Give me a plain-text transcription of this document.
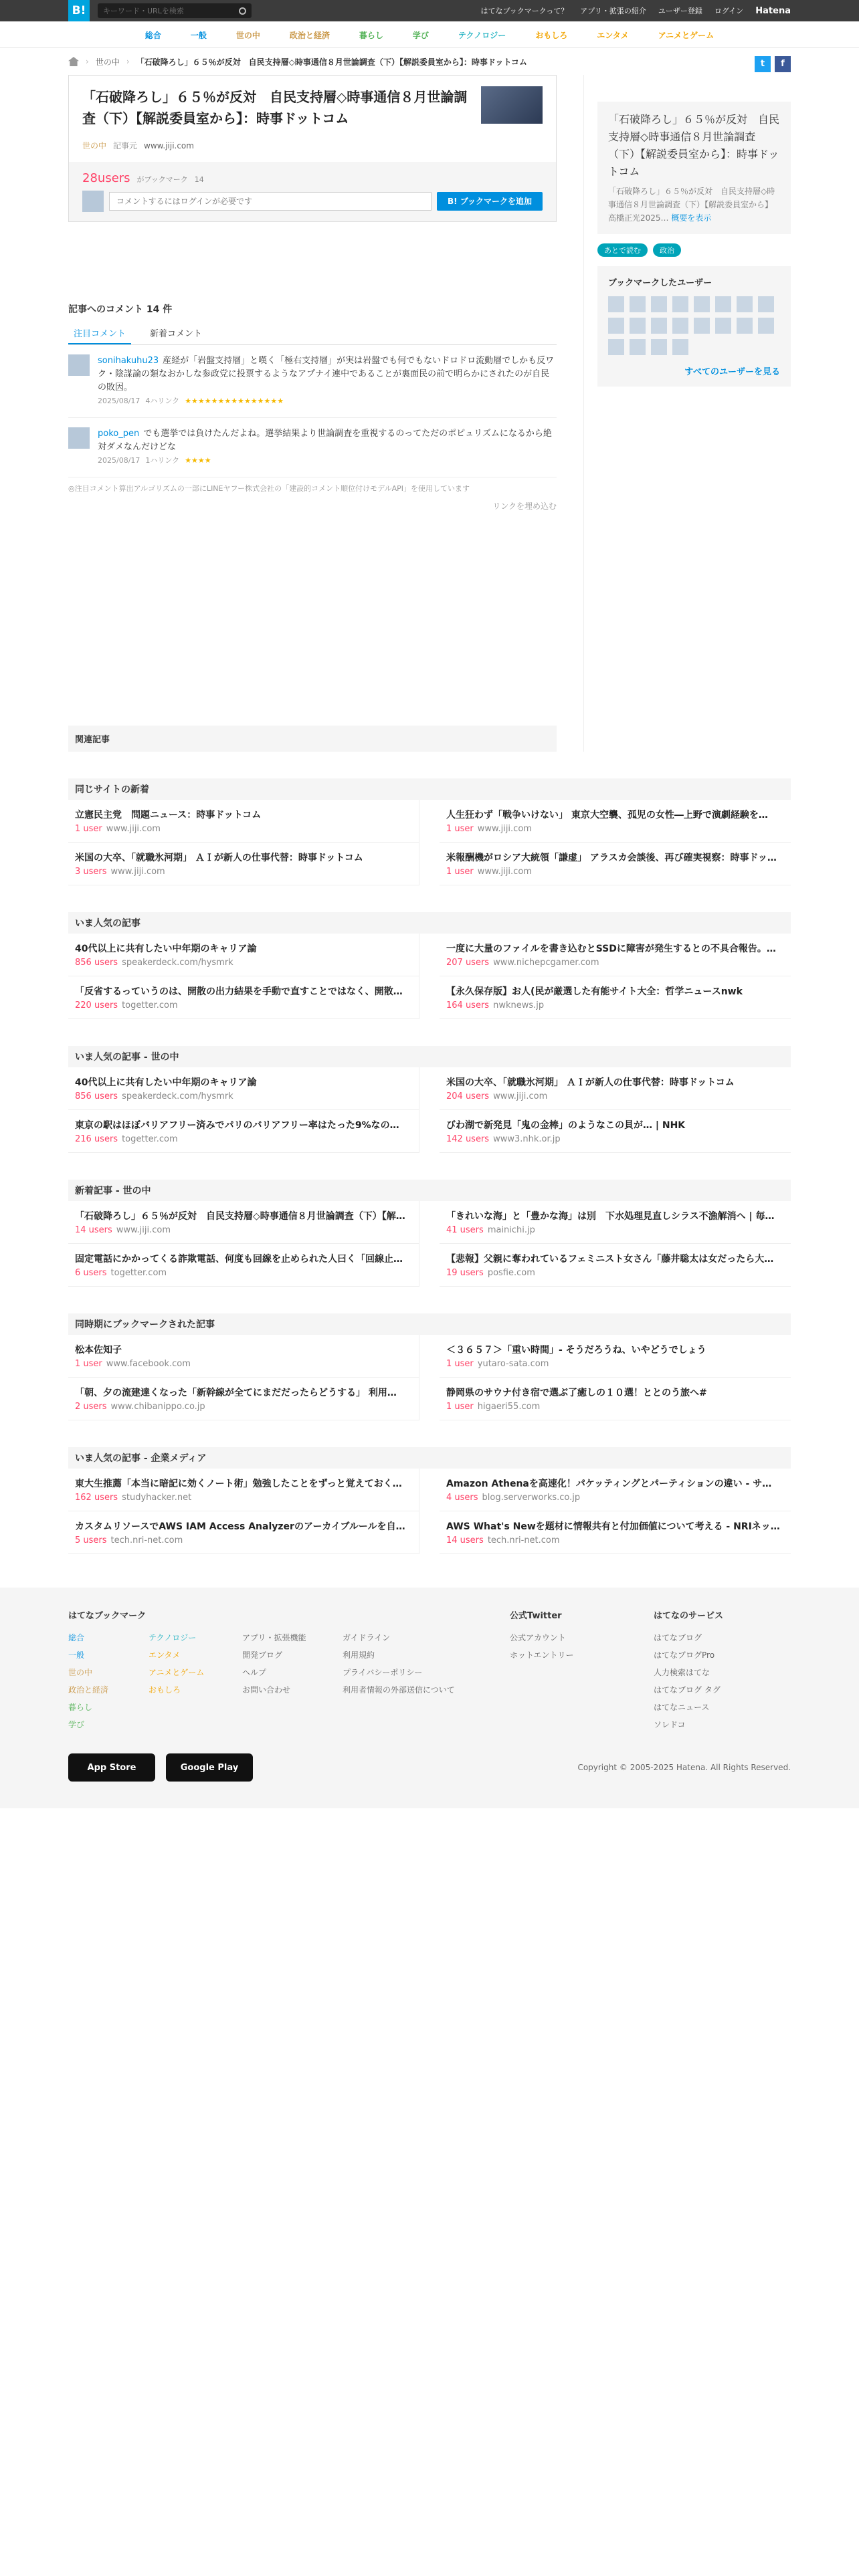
B!
キーワード・URLを検索	はてなブックマークって？ アプリ・拡張の紹介 ユーザー登録 ログイン Hatena
総合	一般	世の中	政治と経済	暮らし	学び	テクノロジー	おもしろ	エンタメ	アニメとゲーム
› 世の中 › 「石破降ろし」６５％が反対　自民支持層◇時事通信８月世論調査（下）【解説委員室から】：時事ドットコム	t	f
「石破降ろし」６５％が反対　自民支持層◇時事通信８月世論調査（下）【解説委員室から】：時事ドットコム
世の中 記事元 www.jiji.com
28users がブックマーク 14
コメントするにはログインが必要です
B! ブックマークを追加
記事へのコメント 14 件
注目コメント	新着コメント
sonihakuhu23 産経が「岩盤支持層」と嘆く「極右支持層」が実は岩盤でも何でもないドロドロ流動層でしかも反ワク・陰謀論の類なおかしな参政党に投票するようなアプナイ連中であることが裏面民の前で明らかにされたのが自民の敗因。
2025/08/17 4ハリンク ★★★★★★★★★★★★★★★
poko_pen でも選挙では負けたんだよね。選挙結果より世論調査を重視するのってただのポピュリズムになるから絶対ダメなんだけどな
2025/08/17 1ハリンク ★★★★
◎注目コメント算出アルゴリズムの一部にLINEヤフー株式会社の「建設的コメント順位付けモデルAPI」を使用しています
リンクを埋め込む
関連記事
「石破降ろし」６５％が反対　自民支持層◇時事通信８月世論調査（下）【解説委員室から】：時事ドットコム
「石破降ろし」６５％が反対　自民支持層◇時事通信８月世論調査（下）【解説委員室から】 高橋正光2025… 概要を表示
あとで読む	政治
ブックマークしたユーザー
すべてのユーザーを見る
同じサイトの新着
立憲民主党　問題ニュース：時事ドットコム
1 user www.jiji.com
人生狂わず「戦争いけない」 東京大空襲、孤児の女性―上野で演劇経験を…
1 user www.jiji.com
米国の大卒、「就職氷河期」 ＡＩが新人の仕事代替：時事ドットコム
3 users www.jiji.com
米報酬機がロシア大統領「謙虚」 アラスカ会談後、再び確実視察：時事ドッ…
1 user www.jiji.com
いま人気の記事
40代以上に共有したい中年期のキャリア論
856 users speakerdeck.com/hysmrk
一度に大量のファイルを書き込むとSSDに障害が発生するとの不具合報告。…
207 users www.nichepcgamer.com
「反省するっていうのは、開散の出力結果を手動で直すことではなく、開散…
220 users togetter.com
【永久保存版】お人(民が厳選した有能サイト大全：哲学ニュースnwk
164 users nwknews.jp
いま人気の記事 - 世の中
40代以上に共有したい中年期のキャリア論
856 users speakerdeck.com/hysmrk
米国の大卒、「就職氷河期」 ＡＩが新人の仕事代替：時事ドットコム
204 users www.jiji.com
東京の駅はほぼバリアフリー済みでパリのバリアフリー率はたった9%なの…
216 users togetter.com
びわ湖で新発見「鬼の金棒」のようなこの貝が… | NHK
142 users www3.nhk.or.jp
新着記事 - 世の中
「石破降ろし」６５％が反対　自民支持層◇時事通信８月世論調査（下）【解…
14 users www.jiji.com
「きれいな海」と「豊かな海」は別　下水処理見直しシラス不漁解消へ | 毎…
41 users mainichi.jp
固定電話にかかってくる詐欺電話、何度も回線を止められた人曰く「回線止…
6 users togetter.com
【悲報】父親に奪われているフェミニスト女さん「藤井聡太は女だったら大…
19 users posfie.com
同時期にブックマークされた記事
松本佐知子
1 user www.facebook.com
＜３６５７＞「重い時間」- そうだろうね、いやどうでしょう
1 user yutaro-sata.com
「朝、夕の流建達くなった「新幹線が全てにまだだったらどうする」 利用…
2 users www.chibanippo.co.jp
静岡県のサウナ付き宿で選ぶ了癒しの１０選！ととのう旅へ#
1 user higaeri55.com
いま人気の記事 - 企業メディア
東大生推薦「本当に暗記に効くノート術」勉強したことをずっと覚えておく…
162 users studyhacker.net
Amazon Athenaを高速化！パケッティングとパーティションの違い - サ…
4 users blog.serverworks.co.jp
カスタムリソースでAWS IAM Access Analyzerのアーカイブルールを自…
5 users tech.nri-net.com
AWS What's Newを題材に情報共有と付加価値について考える - NRIネッ…
14 users tech.nri-net.com
はてなブックマーク
総合
一般
世の中
政治と経済
暮らし
学び
テクノロジー
エンタメ
アニメとゲーム
おもしろ
アプリ・拡張機能
開発ブログ
ヘルプ
お問い合わせ
ガイドライン
利用規約
プライバシーポリシー
利用者情報の外部送信について
公式Twitter
公式アカウント
ホットエントリー
はてなのサービス
はてなブログ
はてなブログPro
人力検索はてな
はてなブログ タグ
はてなニュース
ソレドコ
App Store	Google Play	Copyright © 2005-2025 Hatena. All Rights Reserved.
